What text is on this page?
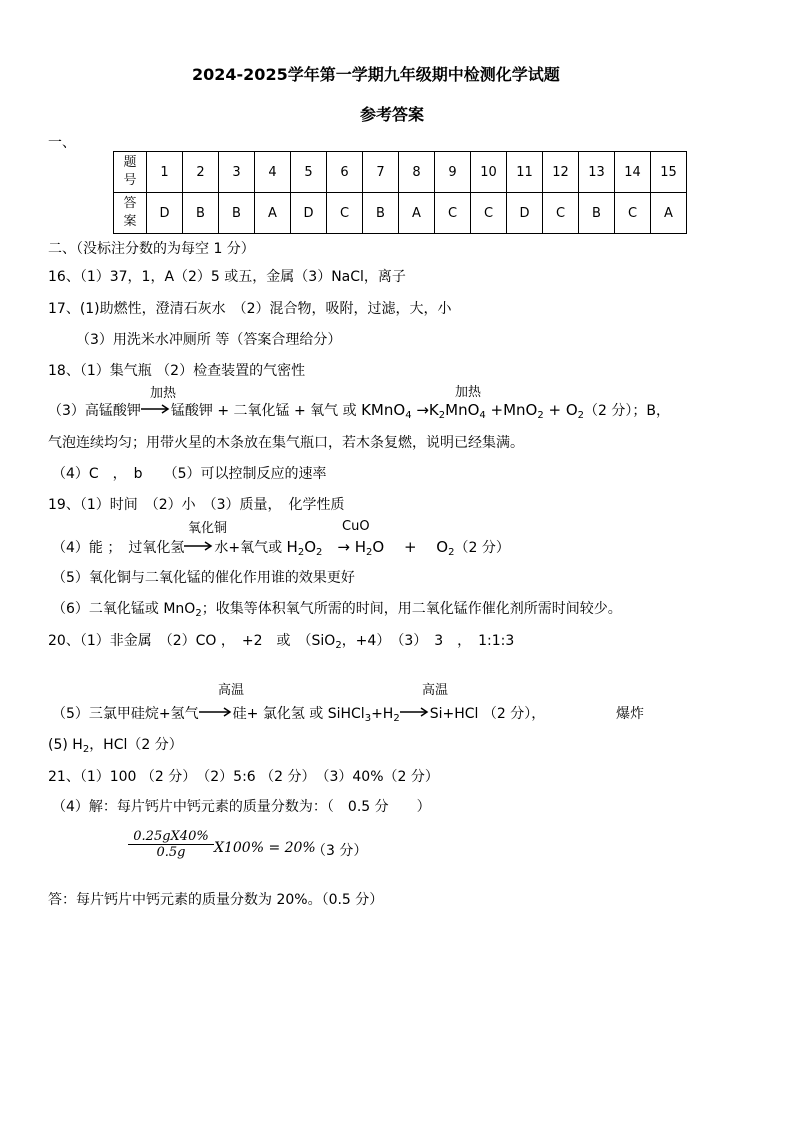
2024-2025学年第一学期九年级期中检测化学试题
参考答案
一、
题
号	1	2	3	4	5	6	7	8	9	10	11	12	13	14	15
答
案	D	B	B	A	D	C	B	A	C	C	D	C	B	C	A
二、（没标注分数的为每空 1 分）
16、（1）37，1，A（2）5 或五，金属（3）NaCl，离子
17、(1)助燃性，澄清石灰水　（2）混合物，吸附，过滤，大，小
（3）用洗米水冲厕所 等（答案合理给分）
18、（1）集气瓶 （2）检查装置的气密性
加热	加热
（3）高锰酸钾 锰酸钾 + 二氧化锰 + 氧气 或 KMnO$_4$ $\to K_2MnO_4 +MnO_2 + O_2(2$ 分）；B，
气泡连续均匀；用带火星的木条放在集气瓶口，若木条复燃，说明已经集满。
（4）C　，　b　　（5）可以控制反应的速率
19、（1）时间　（2）小　（3）质量，　化学性质
氧化铜	CuO
（4）能 ；　过氧化氢 水+氧气或 $H_2O_2$　→ $H_2O$　 +　 $O_2(2$ 分）
（5）氧化铜与二氧化锰的催化作用谁的效果更好
（6）二氧化锰或 MnO$_2$；收集等体积氧气所需的时间，用二氧化锰作催化剂所需时间较少。
20、（1）非金属　（2）CO ，　+2　或　（SiO$_2$，+4）　（3）　3　，　1:1:3
高温	高温
（5）三氯甲硅烷+氢气 硅+ 氯化氢 或 $SiHCl_3+H_2$ Si+HCl （2 分），	爆炸
(5) $H_2$，HCl（2 分）
21、（1）100 （2 分）　（2）5:6 （2 分）　（3）40%（2 分）
（4）解：每片钙片中钙元素的质量分数为：（　0.5 分　　）
$\frac{0.25gX40\%}{0.5g} X100\% = 20\%$
（3 分）
答：每片钙片中钙元素的质量分数为 20%。（0.5 分）
